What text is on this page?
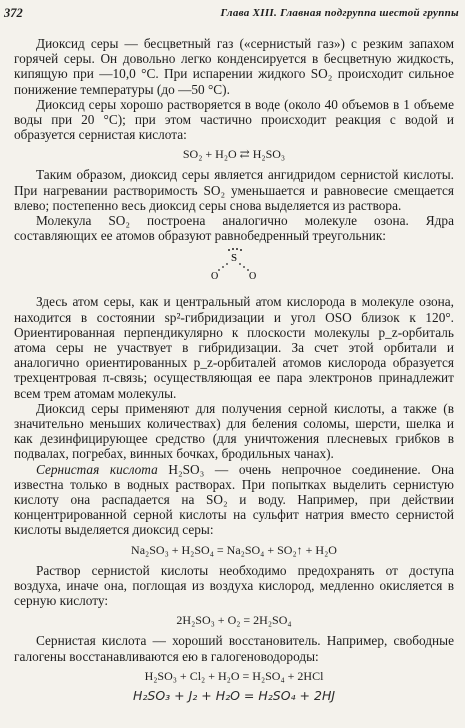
372	Глава XIII. Главная подгруппа шестой группы

Диоксид серы — бесцветный газ («сернистый газ») с резким запахом горячей серы. Он довольно легко конденсируется в бесцветную жидкость, кипящую при —10,0 °С. При испарении жидкого SO₂ происходит сильное понижение температуры (до —50 °С).

Диоксид серы хорошо растворяется в воде (около 40 объемов в 1 объеме воды при 20 °С); при этом частично происходит реакция с водой и образуется сернистая кислота:

SO₂ + H₂O ⇄ H₂SO₃

Таким образом, диоксид серы является ангидридом сернистой кислоты. При нагревании растворимость SO₂ уменьшается и равновесие смещается влево; постепенно весь диоксид серы снова выделяется из раствора.

Молекула SO₂ построена аналогично молекуле озона. Ядра составляющих ее атомов образуют равнобедренный треугольник:

S
O	O

Здесь атом серы, как и центральный атом кислорода в молекуле озона, находится в состоянии sp²-гибридизации и угол OSO близок к 120°. Ориентированная перпендикулярно к плоскости молекулы p_z-орбиталь атома серы не участвует в гибридизации. За счет этой орбитали и аналогично ориентированных p_z-орбиталей атомов кислорода образуется трехцентровая π-связь; осуществляющая ее пара электронов принадлежит всем трем атомам молекулы.

Диоксид серы применяют для получения серной кислоты, а также (в значительно меньших количествах) для беления соломы, шерсти, шелка и как дезинфицирующее средство (для уничтожения плесневых грибков в подвалах, погребах, винных бочках, бродильных чанах).

Сернистая кислота H₂SO₃ — очень непрочное соединение. Она известна только в водных растворах. При попытках выделить сернистую кислоту она распадается на SO₂ и воду. Например, при действии концентрированной серной кислоты на сульфит натрия вместо сернистой кислоты выделяется диоксид серы:

Na₂SO₃ + H₂SO₄ = Na₂SO₄ + SO₂↑ + H₂O

Раствор сернистой кислоты необходимо предохранять от доступа воздуха, иначе она, поглощая из воздуха кислород, медленно окисляется в серную кислоту:

2H₂SO₃ + O₂ = 2H₂SO₄

Сернистая кислота — хороший восстановитель. Например, свободные галогены восстанавливаются ею в галогеноводороды:

H₂SO₃ + Cl₂ + H₂O = H₂SO₄ + 2HCl
H₂SO₃ + J₂ + H₂O = H₂SO₄ + 2HJ
